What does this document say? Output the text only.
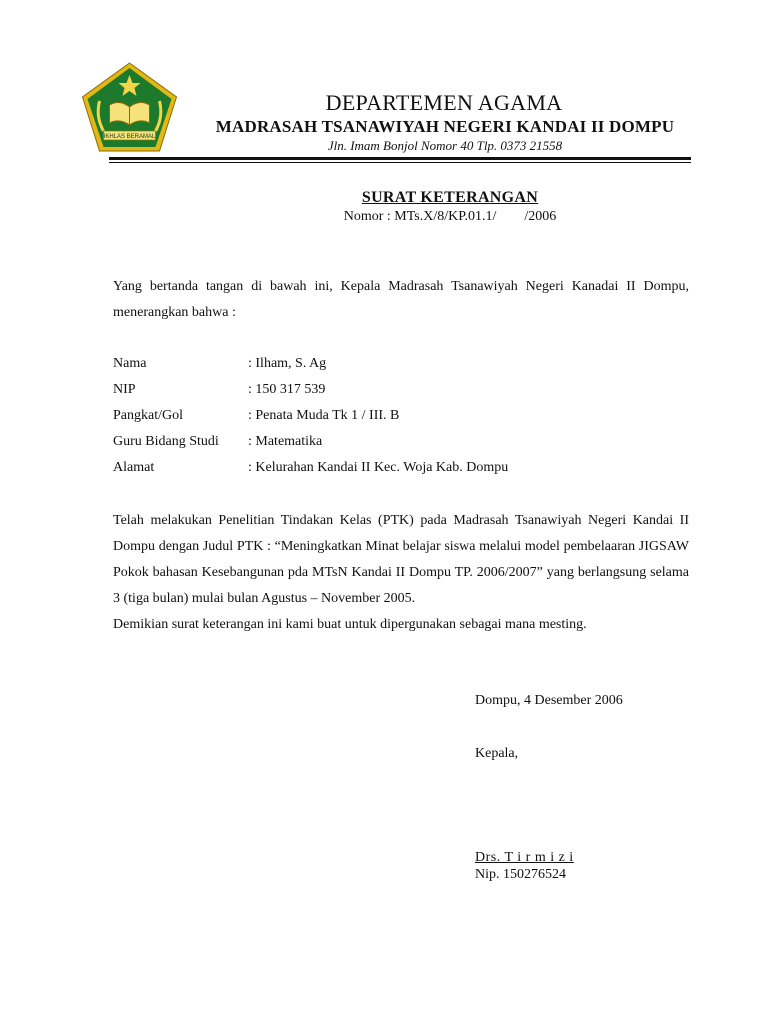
IKHLAS BERAMAL
DEPARTEMEN AGAMA
MADRASAH TSANAWIYAH NEGERI KANDAI II DOMPU
Jln. Imam Bonjol Nomor 40 Tlp. 0373 21558
SURAT KETERANGAN
Nomor : MTs.X/8/KP.01.1/        /2006
Yang bertanda tangan di bawah ini, Kepala Madrasah Tsanawiyah Negeri Kanadai II Dompu, menerangkan bahwa :
Nama	: Ilham, S. Ag
NIP	: 150 317 539
Pangkat/Gol	: Penata Muda Tk 1 / III. B
Guru Bidang Studi : Matematika
Alamat	: Kelurahan Kandai II Kec. Woja Kab. Dompu
Telah melakukan Penelitian Tindakan Kelas (PTK) pada Madrasah Tsanawiyah Negeri Kandai II Dompu dengan Judul PTK : “Meningkatkan Minat belajar siswa melalui model pembelaaran JIGSAW Pokok bahasan Kesebangunan pda MTsN Kandai II Dompu TP. 2006/2007” yang berlangsung selama 3 (tiga bulan) mulai bulan Agustus – November 2005.
Demikian surat keterangan ini kami buat untuk dipergunakan sebagai mana mesting.
Dompu, 4 Desember 2006
Kepala,
Drs. T i r m i z i
Nip. 150276524
